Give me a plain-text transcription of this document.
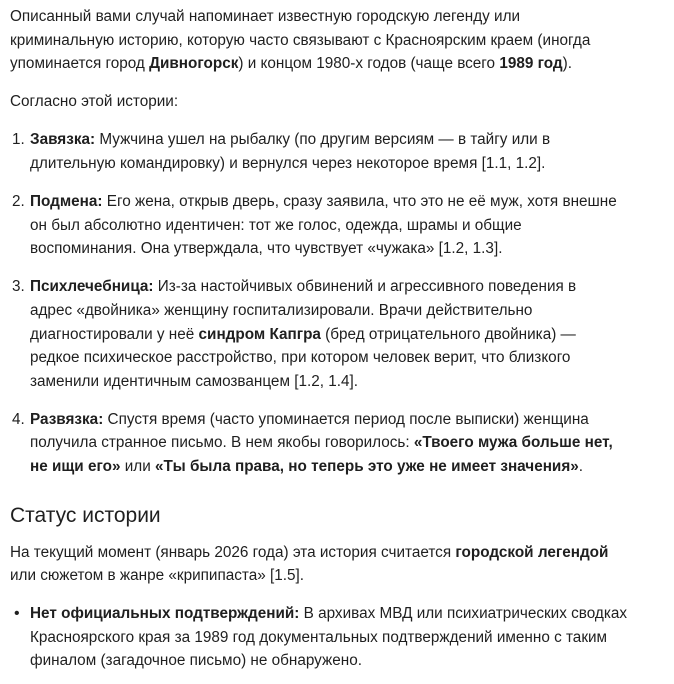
Описанный вами случай напоминает известную городскую легенду или
криминальную историю, которую часто связывают с Красноярским краем (иногда
упоминается город Дивногорск) и концом 1980-х годов (чаще всего 1989 год).
Согласно этой истории:
1. Завязка: Мужчина ушел на рыбалку (по другим версиям — в тайгу или в
длительную командировку) и вернулся через некоторое время [1.1, 1.2].
2. Подмена: Его жена, открыв дверь, сразу заявила, что это не её муж, хотя внешне
он был абсолютно идентичен: тот же голос, одежда, шрамы и общие
воспоминания. Она утверждала, что чувствует «чужака» [1.2, 1.3].
3. Психлечебница: Из-за настойчивых обвинений и агрессивного поведения в
адрес «двойника» женщину госпитализировали. Врачи действительно
диагностировали у неё синдром Капгра (бред отрицательного двойника) —
редкое психическое расстройство, при котором человек верит, что близкого
заменили идентичным самозванцем [1.2, 1.4].
4. Развязка: Спустя время (часто упоминается период после выписки) женщина
получила странное письмо. В нем якобы говорилось: «Твоего мужа больше нет,
не ищи его» или «Ты была права, но теперь это уже не имеет значения».
Статус истории
На текущий момент (январь 2026 года) эта история считается городской легендой
или сюжетом в жанре «крипипаста» [1.5].
• Нет официальных подтверждений: В архивах МВД или психиатрических сводках
Красноярского края за 1989 год документальных подтверждений именно с таким
финалом (загадочное письмо) не обнаружено.
